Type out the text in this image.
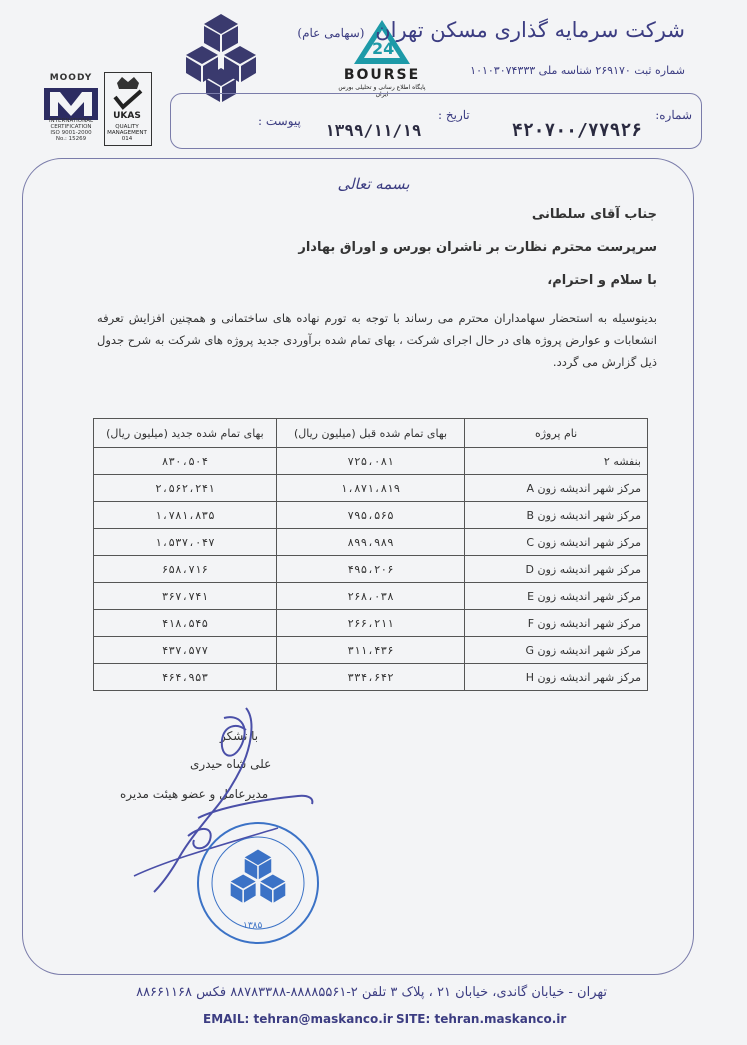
MOODY
INTERNATIONAL
CERTIFICATION
ISO 9001-2000
No.: 15269
UKAS
QUALITY
MANAGEMENT
014
24
BOURSE
پایگاه اطلاع رسانی و تحلیلی بورس ایران
شرکت سرمایه گذاری مسکن تهران (سهامی عام)
شماره ثبت ۲۶۹۱۷۰ شناسه ملی ۱۰۱۰۳۰۷۴۳۳۳
شماره:
۴۲۰۷۰۰/۷۷۹۲۶
تاریخ :
۱۳۹۹/۱۱/۱۹
پیوست :
بسمه تعالی
جناب آقای سلطانی
سرپرست محترم نظارت بر ناشران بورس و اوراق بهادار
با سلام و احترام،
بدینوسیله به استحضار سهامداران محترم می رساند با توجه به تورم نهاده های ساختمانی و همچنین افزایش تعرفه انشعابات و عوارض پروژه های در حال اجرای شرکت ، بهای تمام شده برآوردی جدید پروژه های شرکت به شرح جدول ذیل گزارش می گردد.
نام پروژه	بهای تمام شده قبل (میلیون ریال)	بهای تمام شده جدید (میلیون ریال)
بنفشه ۲	۷۲۵،۰۸۱	۸۳۰،۵۰۴
مرکز شهر اندیشه زون A	۱،۸۷۱،۸۱۹	۲،۵۶۲،۲۴۱
مرکز شهر اندیشه زون B	۷۹۵،۵۶۵	۱،۷۸۱،۸۳۵
مرکز شهر اندیشه زون C	۸۹۹،۹۸۹	۱،۵۳۷،۰۴۷
مرکز شهر اندیشه زون D	۴۹۵،۲۰۶	۶۵۸،۷۱۶
مرکز شهر اندیشه زون E	۲۶۸،۰۳۸	۳۶۷،۷۴۱
مرکز شهر اندیشه زون F	۲۶۶،۲۱۱	۴۱۸،۵۴۵
مرکز شهر اندیشه زون G	۳۱۱،۴۳۶	۴۳۷،۵۷۷
مرکز شهر اندیشه زون H	۳۳۴،۶۴۲	۴۶۴،۹۵۳
با تشکر
علی شاه حیدری
مدیرعامل و عضو هیئت مدیره
۱۳۸۵
تهران - خیابان گاندی، خیابان ۲۱ ، پلاک ۳ تلفن ۲-۸۸۸۸۵۵۶۱-۸۸۷۸۳۳۸۸ فکس ۸۸۶۶۱۱۶۸
EMAIL: tehran@maskanco.ir SITE: tehran.maskanco.ir
